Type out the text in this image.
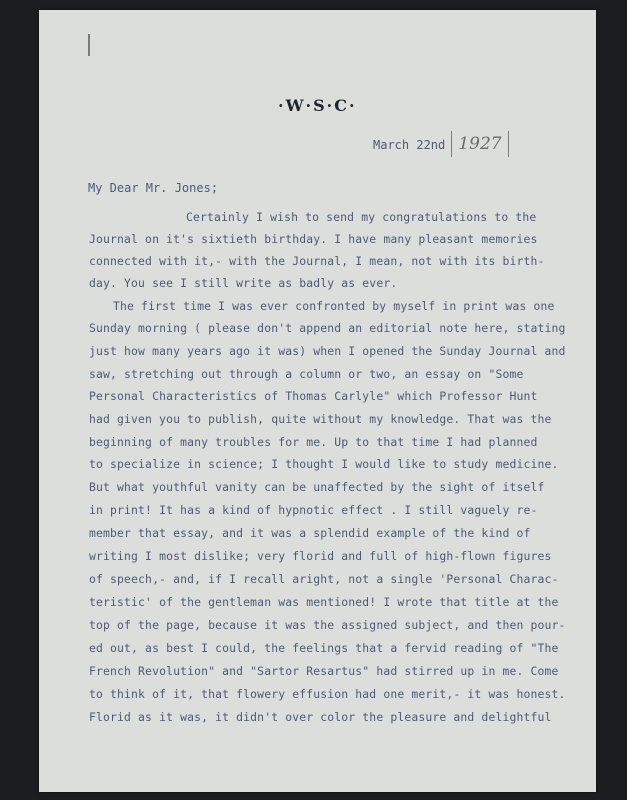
·W·S·C·
March 22nd 1927
My Dear Mr. Jones;
Certainly I wish to send my congratulations to the
Journal on it's sixtieth birthday. I have many pleasant memories
connected with it,- with the Journal, I mean, not with its birth-
day. You see I still write as badly as ever.
The first time I was ever confronted by myself in print was one
Sunday morning ( please don't append an editorial note here, stating
just how many years ago it was) when I opened the Sunday Journal and
saw, stretching out through a column or two, an essay on "Some
Personal Characteristics of Thomas Carlyle" which Professor Hunt
had given you to publish, quite without my knowledge. That was the
beginning of many troubles for me. Up to that time I had planned
to specialize in science; I thought I would like to study medicine.
But what youthful vanity can be unaffected by the sight of itself
in print! It has a kind of hypnotic effect . I still vaguely re-
member that essay, and it was a splendid example of the kind of
writing I most dislike; very florid and full of high-flown figures
of speech,- and, if I recall aright, not a single 'Personal Charac-
teristic' of the gentleman was mentioned! I wrote that title at the
top of the page, because it was the assigned subject, and then pour-
ed out, as best I could, the feelings that a fervid reading of "The
French Revolution" and "Sartor Resartus" had stirred up in me. Come
to think of it, that flowery effusion had one merit,- it was honest.
Florid as it was, it didn't over color the pleasure and delightful
